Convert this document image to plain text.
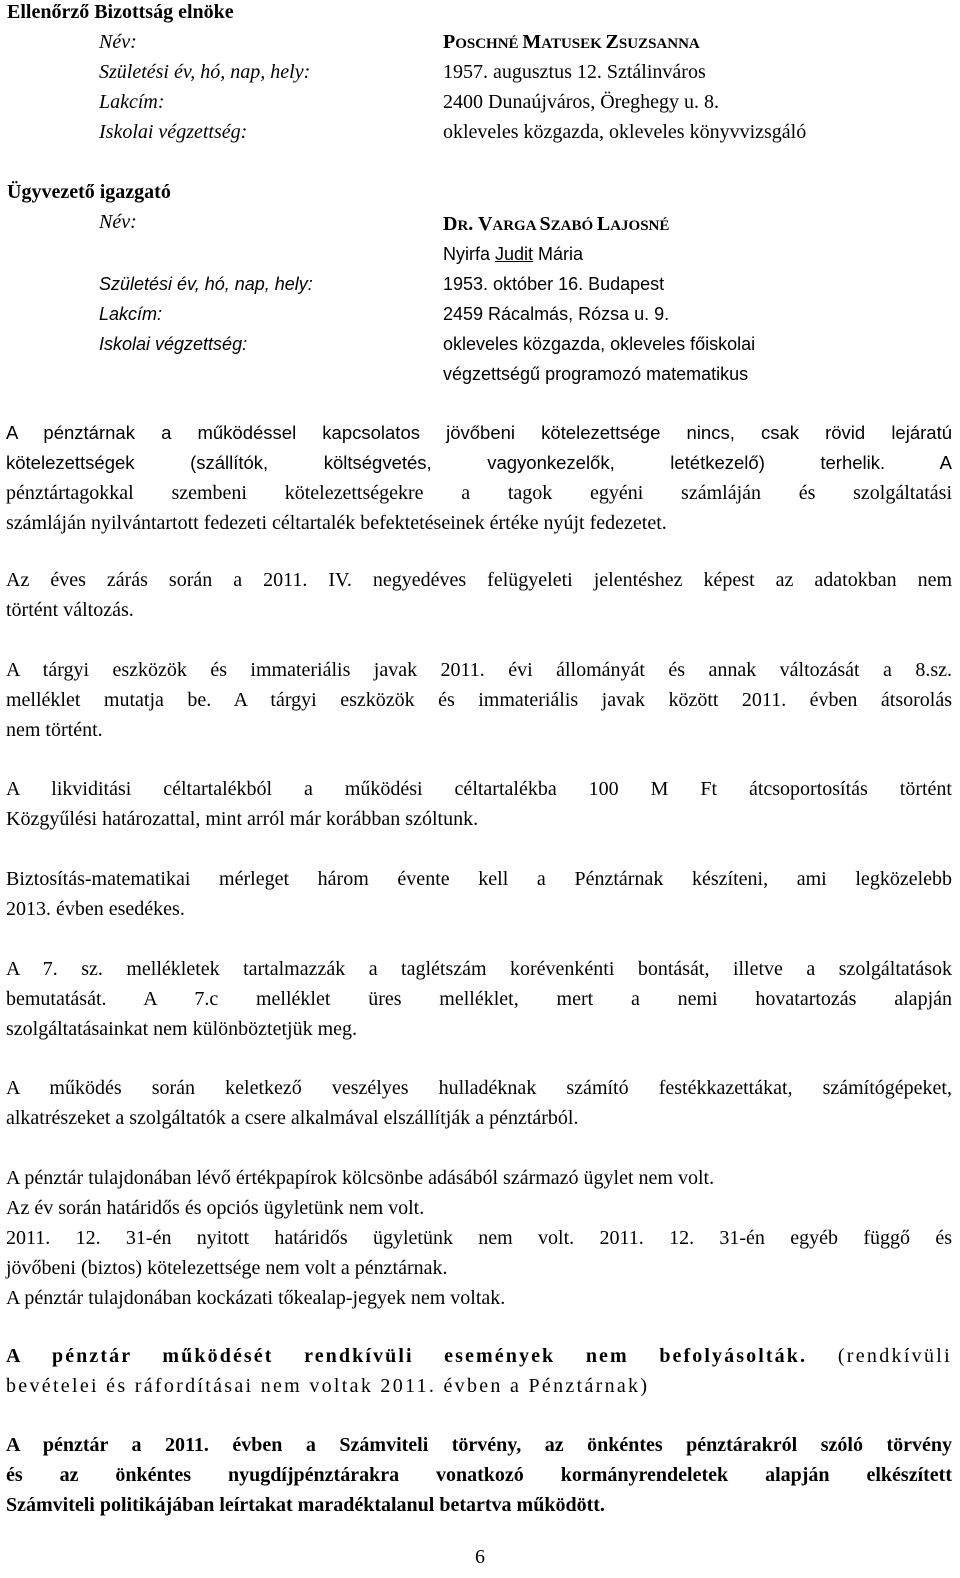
Ellenőrző Bizottság elnöke
Név:	POSCHNÉ MATUSEK ZSUZSANNA
Születési év, hó, nap, hely:	1957. augusztus 12. Sztálinváros
Lakcím:	2400 Dunaújváros, Öreghegy u. 8.
Iskolai végzettség:	okleveles közgazda, okleveles könyvvizsgáló
Ügyvezető igazgató
Név:	DR. VARGA SZABÓ LAJOSNÉ
Nyirfa Judit Mária
Születési év, hó, nap, hely:	1953. október 16. Budapest
Lakcím:	2459 Rácalmás, Rózsa u. 9.
Iskolai végzettség:	okleveles közgazda, okleveles főiskolai
végzettségű programozó matematikus
A pénztárnak a működéssel kapcsolatos jövőbeni kötelezettsége nincs, csak rövid lejáratú
kötelezettségek (szállítók, költségvetés, vagyonkezelők, letétkezelő) terhelik.	A
pénztártagokkal szembeni kötelezettségekre a tagok egyéni számláján és szolgáltatási
számláján nyilvántartott fedezeti céltartalék befektetéseinek értéke nyújt fedezetet.
Az éves zárás során a 2011. IV. negyedéves felügyeleti jelentéshez képest az adatokban nem
történt változás.
A tárgyi eszközök és immateriális javak 2011. évi állományát és annak változását a 8.sz.
melléklet mutatja be. A tárgyi eszközök és immateriális javak között 2011. évben átsorolás
nem történt.
A likviditási céltartalékból a működési céltartalékba 100 M Ft átcsoportosítás történt
Közgyűlési határozattal, mint arról már korábban szóltunk.
Biztosítás-matematikai mérleget három évente kell a Pénztárnak készíteni, ami legközelebb
2013. évben esedékes.
A 7. sz. mellékletek tartalmazzák a taglétszám korévenkénti bontását, illetve a szolgáltatások
bemutatását. A 7.c melléklet üres melléklet, mert a nemi hovatartozás alapján
szolgáltatásainkat nem különböztetjük meg.
A működés során keletkező veszélyes hulladéknak számító festékkazettákat, számítógépeket,
alkatrészeket a szolgáltatók a csere alkalmával elszállítják a pénztárból.
A pénztár tulajdonában lévő értékpapírok kölcsönbe adásából származó ügylet nem volt.
Az év során határidős és opciós ügyletünk nem volt.
2011. 12. 31-én nyitott határidős ügyletünk nem volt. 2011. 12. 31-én egyéb függő és
jövőbeni (biztos) kötelezettsége nem volt a pénztárnak.
A pénztár tulajdonában kockázati tőkealap-jegyek nem voltak.
A pénztár működését rendkívüli események nem befolyásolták. (rendkívüli
bevételei és ráfordításai nem voltak 2011. évben a Pénztárnak)
A pénztár a 2011. évben a Számviteli törvény, az önkéntes pénztárakról szóló törvény
és az önkéntes nyugdíjpénztárakra vonatkozó kormányrendeletek alapján elkészített
Számviteli politikájában leírtakat maradéktalanul betartva működött.
6
